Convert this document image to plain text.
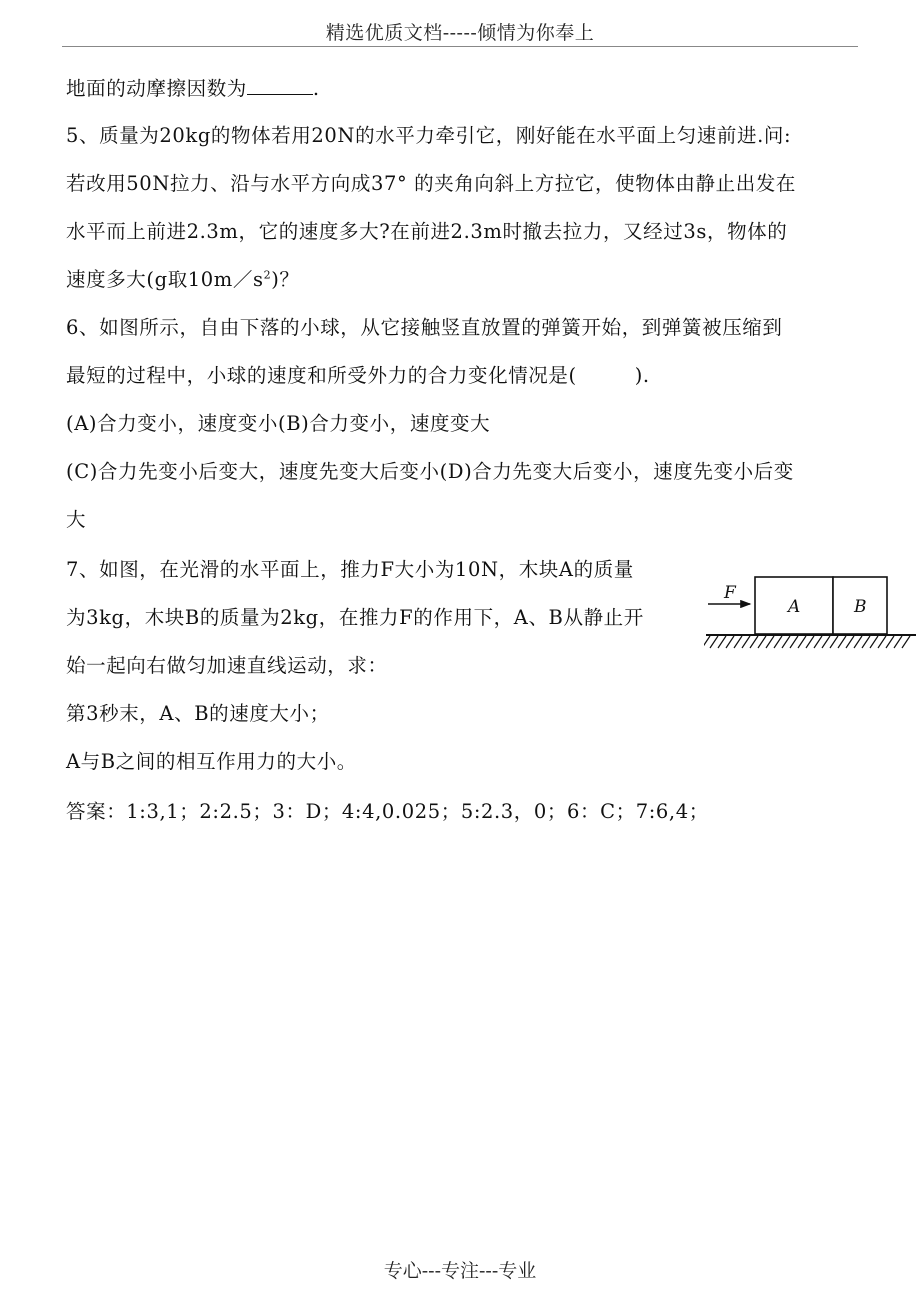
精选优质文档-----倾情为你奉上
地面的动摩擦因数为	.
5、质量为20kg的物体若用20N的水平力牵引它，刚好能在水平面上匀速前进.问:
若改用50N拉力、沿与水平方向成37° 的夹角向斜上方拉它，使物体由静止出发在
水平而上前进2.3m，它的速度多大?在前进2.3m时撤去拉力，又经过3s，物体的
速度多大(g取$10m/s^2$)？
6、如图所示，自由下落的小球，从它接触竖直放置的弹簧开始，到弹簧被压缩到
最短的过程中，小球的速度和所受外力的合力变化情况是(	).
(A)合力变小，速度变小(B)合力变小，速度变大
(C)合力先变小后变大，速度先变大后变小(D)合力先变大后变小，速度先变小后变
大
7、如图，在光滑的水平面上，推力F大小为10N，木块A的质量
为3kg，木块B的质量为2kg，在推力F的作用下，A、B从静止开
始一起向右做匀加速直线运动，求：
第3秒末，A、B的速度大小；
A与B之间的相互作用力的大小。
答案：1:3,1；2:2.5；3：D；4:4,0.025；5:2.3，0；6：C；7:6,4；
F
A	B
专心---专注---专业
